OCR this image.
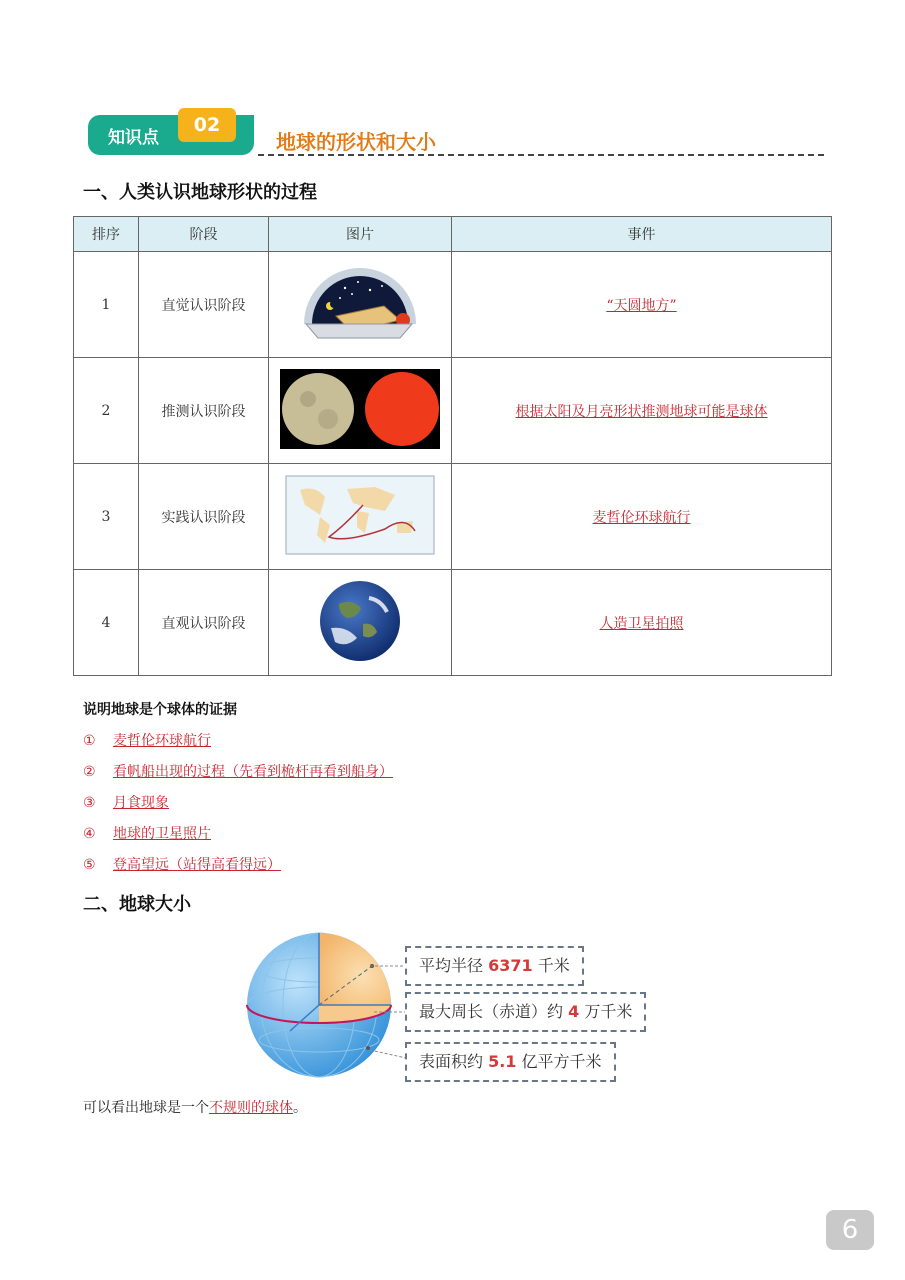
知识点
02
地球的形状和大小
一、人类认识地球形状的过程
排序	阶段	图片	事件
1	直觉认识阶段		“天圆地方”
2	推测认识阶段		根据太阳及月亮形状推测地球可能是球体
3	实践认识阶段		麦哲伦环球航行
4	直观认识阶段		人造卫星拍照
说明地球是个球体的证据
① 麦哲伦环球航行
② 看帆船出现的过程（先看到桅杆再看到船身）
③ 月食现象
④ 地球的卫星照片
⑤ 登高望远（站得高看得远）
二、地球大小
平均半径 6371 千米
最大周长（赤道）约 4 万千米
表面积约 5.1 亿平方千米
可以看出地球是一个不规则的球体。
6
